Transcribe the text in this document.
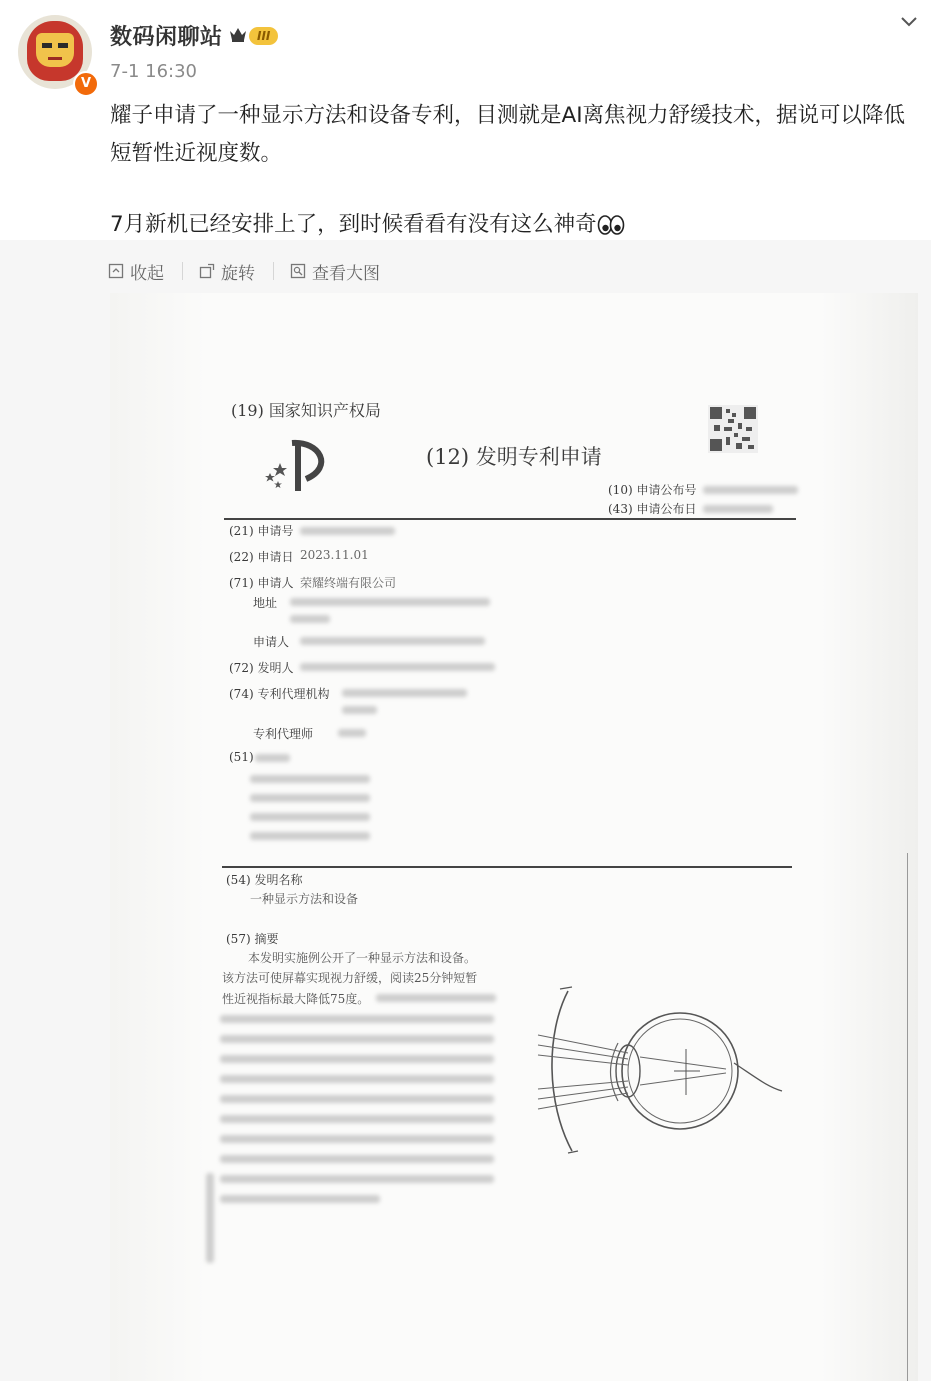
V
数码闲聊站	III
7-1 16:30

耀子申请了一种显示方法和设备专利，目测就是AI离焦视力舒缓技术，据说可以降低短暂性近视度数。

7月新机已经安排上了，到时候看看有没有这么神奇

收起	旋转	查看大图
(19) 国家知识产权局
(12) 发明专利申请
(10) 申请公布号
(43) 申请公布日
(21) 申请号
(22) 申请日 2023.11.01
(71) 申请人 荣耀终端有限公司
地址
申请人
(72) 发明人
(74) 专利代理机构
专利代理师
(51)
(54) 发明名称
一种显示方法和设备
(57) 摘要
本发明实施例公开了一种显示方法和设备。
该方法可使屏幕实现视力舒缓，阅读25分钟短暂
性近视指标最大降低75度。
